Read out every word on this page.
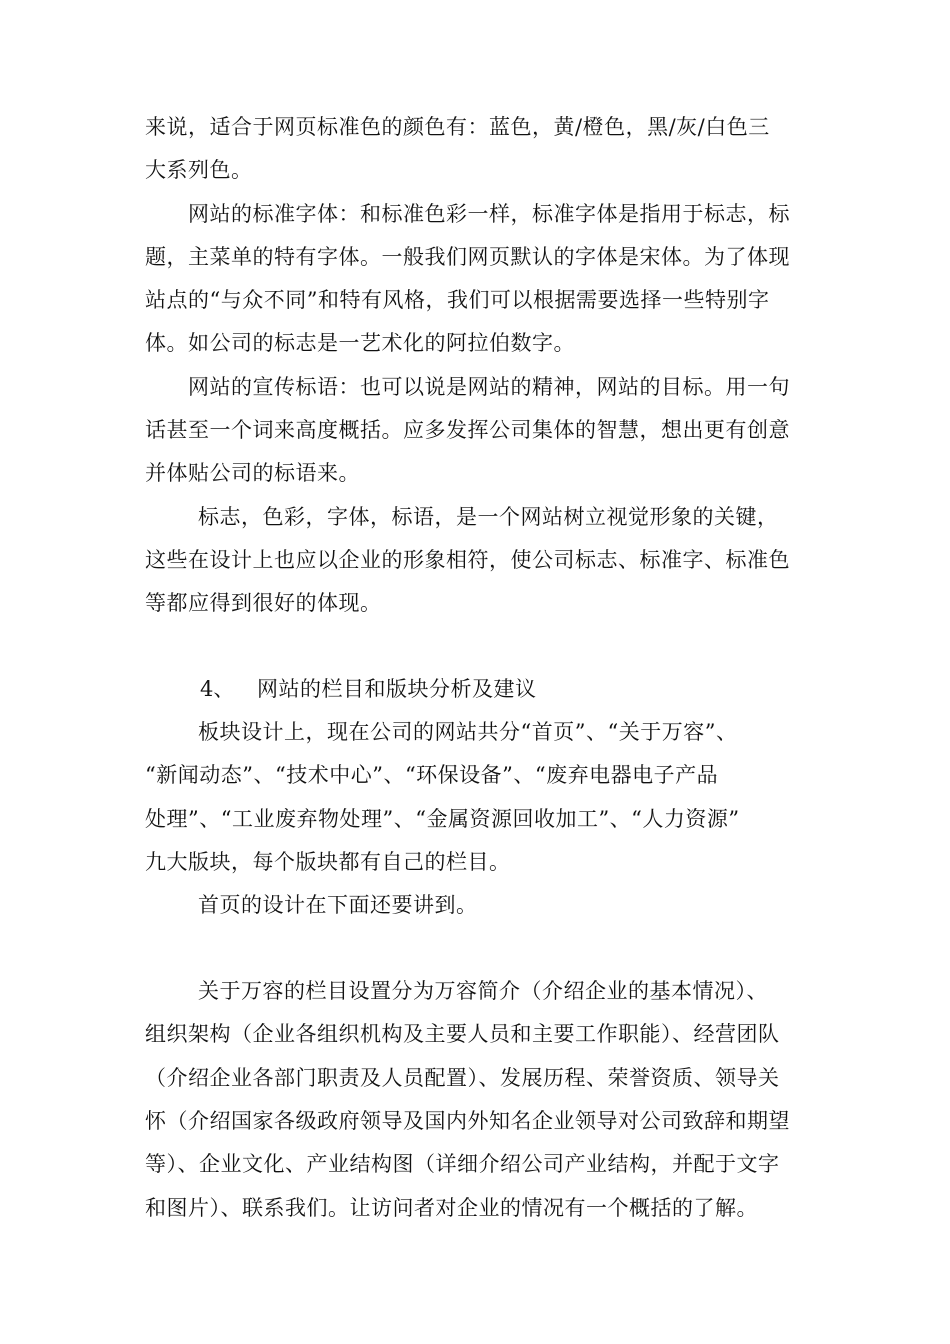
来说，适合于网页标准色的颜色有：蓝色，黄/橙色，黑/灰/白色三
大系列色。
网站的标准字体：和标准色彩一样，标准字体是指用于标志，标
题，主菜单的特有字体。一般我们网页默认的字体是宋体。为了体现
站点的“与众不同”和特有风格，我们可以根据需要选择一些特别字
体。如公司的标志是一艺术化的阿拉伯数字。
网站的宣传标语：也可以说是网站的精神，网站的目标。用一句
话甚至一个词来高度概括。应多发挥公司集体的智慧，想出更有创意
并体贴公司的标语来。
标志，色彩，字体，标语，是一个网站树立视觉形象的关键，
这些在设计上也应以企业的形象相符，使公司标志、标准字、标准色
等都应得到很好的体现。
4、 网站的栏目和版块分析及建议
板块设计上，现在公司的网站共分“首页”、“关于万容”、
“新闻动态”、“技术中心”、“环保设备”、“废弃电器电子产品
处理”、“工业废弃物处理”、“金属资源回收加工”、“人力资源”
九大版块，每个版块都有自己的栏目。
首页的设计在下面还要讲到。
关于万容的栏目设置分为万容简介（介绍企业的基本情况）、
组织架构（企业各组织机构及主要人员和主要工作职能）、经营团队
（介绍企业各部门职责及人员配置）、发展历程、荣誉资质、领导关
怀（介绍国家各级政府领导及国内外知名企业领导对公司致辞和期望
等）、企业文化、产业结构图（详细介绍公司产业结构，并配于文字
和图片）、联系我们。让访问者对企业的情况有一个概括的了解。
